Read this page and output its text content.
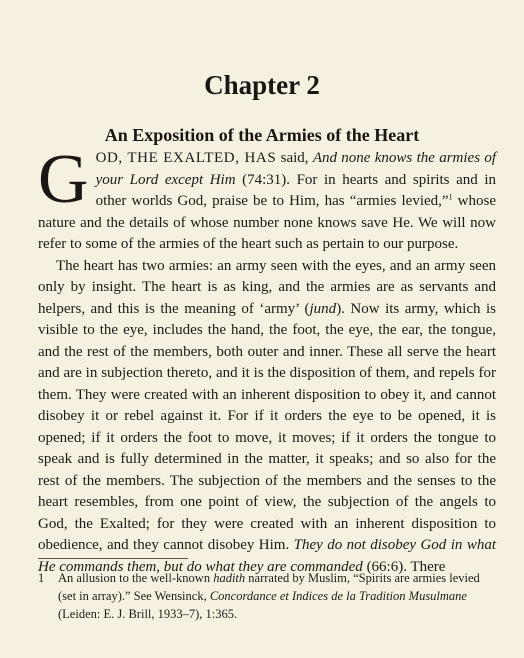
Chapter 2
An Exposition of the Armies of the Heart

GOD, THE EXALTED, HAS said, And none knows the armies of your Lord except Him (74:31). For in hearts and spirits and in other worlds God, praise be to Him, has “armies levied,”$^1$ whose nature and the details of whose number none knows save He. We will now refer to some of the armies of the heart such as pertain to our purpose.

The heart has two armies: an army seen with the eyes, and an army seen only by insight. The heart is as king, and the armies are as servants and helpers, and this is the meaning of ‘army’ (jund). Now its army, which is visible to the eye, includes the hand, the foot, the eye, the ear, the tongue, and the rest of the members, both outer and inner. These all serve the heart and are in subjection thereto, and it is the disposition of them, and repels for them. They were created with an inherent disposition to obey it, and cannot disobey it or rebel against it. For if it orders the eye to be opened, it is opened; if it orders the foot to move, it moves; if it orders the tongue to speak and is fully determined in the matter, it speaks; and so also for the rest of the members. The subjection of the members and the senses to the heart resembles, from one point of view, the subjection of the angels to God, the Exalted; for they were created with an inherent disposition to obedience, and they cannot disobey Him. They do not disobey God in what He commands them, but do what they are commanded (66:6). There

1 An allusion to the well-known hadith narrated by Muslim, “Spirits are armies levied (set in array).” See Wensinck, Concordance et Indices de la Tradition Musulmane (Leiden: E. J. Brill, 1933–7), 1:365.
